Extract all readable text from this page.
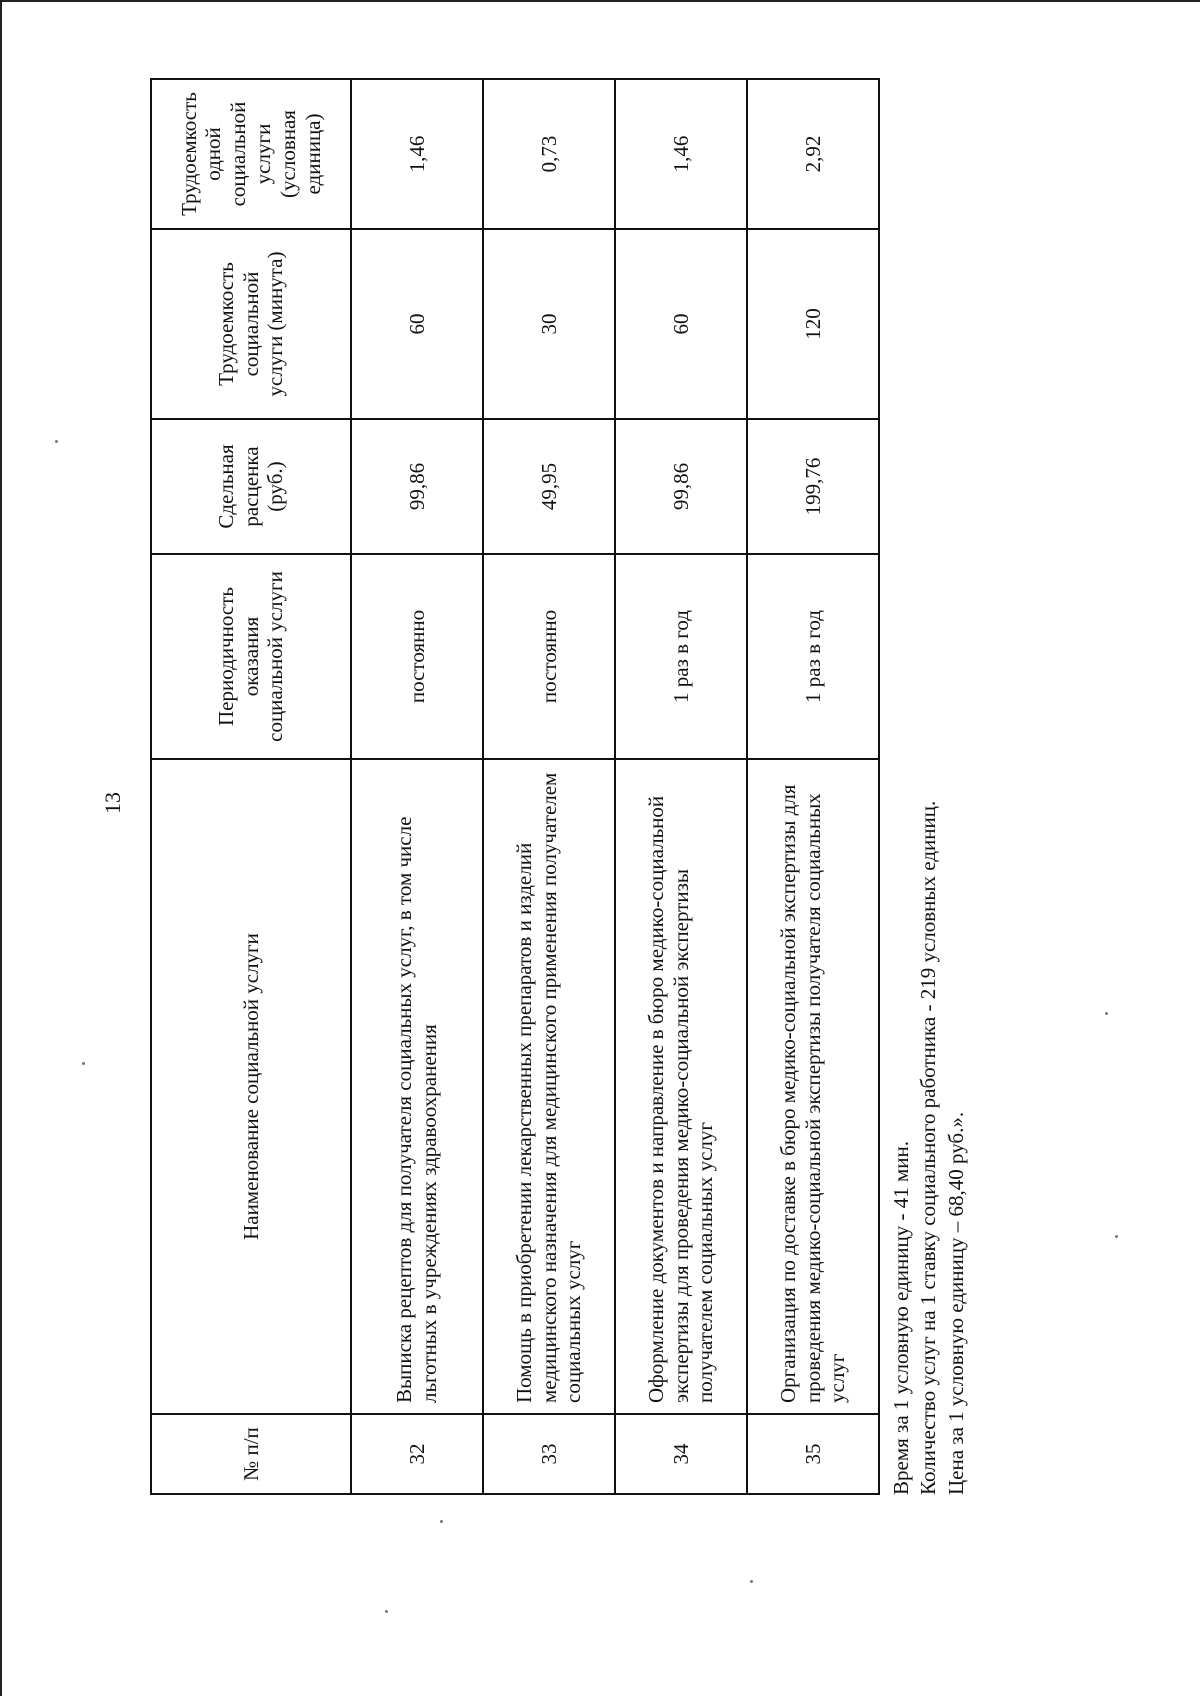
13
№ п/п	Наименование социальной услуги	Периодичность оказания социальной услуги	Сдельная расценка (руб.)	Трудоемкость социальной услуги (минута)	Трудоемкость одной социальной услуги (условная единица)
32	Выписка рецептов для получателя социальных услуг, в том числе льготных в учреждениях здравоохранения	постоянно	99,86	60	1,46
33	Помощь в приобретении лекарственных препаратов и изделий медицинского назначения для медицинского применения получателем социальных услуг	постоянно	49,95	30	0,73
34	Оформление документов и направление в бюро медико-социальной экспертизы для проведения медико-социальной экспертизы получателем социальных услуг	1 раз в год	99,86	60	1,46
35	Организация по доставке в бюро медико-социальной экспертизы для проведения медико-социальной экспертизы получателя социальных услуг	1 раз в год	199,76	120	2,92
Время за 1 условную единицу - 41 мин. Количество услуг на 1 ставку социального работника - 219 условных единиц. Цена за 1 условную единицу – 68,40 руб.».
